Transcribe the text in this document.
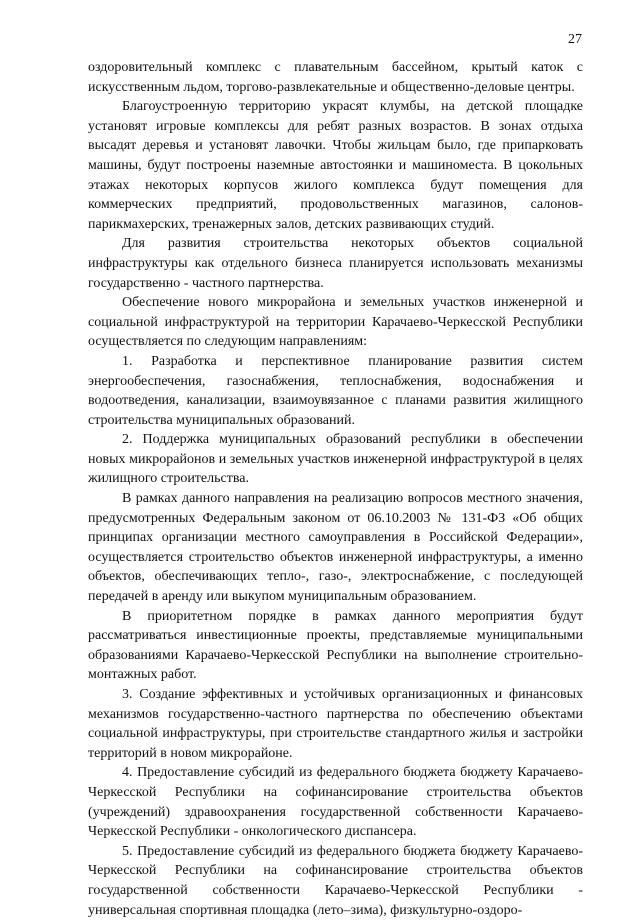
27

оздоровительный комплекс с плавательным бассейном, крытый каток с искусственным льдом, торгово-развлекательные и общественно-деловые центры.

Благоустроенную территорию украсят клумбы, на детской площадке установят игровые комплексы для ребят разных возрастов. В зонах отдыха высадят деревья и установят лавочки. Чтобы жильцам было, где припарковать машины, будут построены наземные автостоянки и машиноместа. В цокольных этажах некоторых корпусов жилого комплекса будут помещения для коммерческих предприятий, продовольственных магазинов, салонов-парикмахерских, тренажерных залов, детских развивающих студий.

Для развития строительства некоторых объектов социальной инфраструктуры как отдельного бизнеса планируется использовать механизмы государственно - частного партнерства.

Обеспечение нового микрорайона и земельных участков инженерной и социальной инфраструктурой на территории Карачаево-Черкесской Республики осуществляется по следующим направлениям:

1. Разработка и перспективное планирование развития систем энергообеспечения, газоснабжения, теплоснабжения, водоснабжения и водоотведения, канализации, взаимоувязанное с планами развития жилищного строительства муниципальных образований.

2. Поддержка муниципальных образований республики в обеспечении новых микрорайонов и земельных участков инженерной инфраструктурой в целях жилищного строительства.

В рамках данного направления на реализацию вопросов местного значения, предусмотренных Федеральным законом от 06.10.2003 № 131-ФЗ «Об общих принципах организации местного самоуправления в Российской Федерации», осуществляется строительство объектов инженерной инфраструктуры, а именно объектов, обеспечивающих тепло-, газо-, электроснабжение, с последующей передачей в аренду или выкупом муниципальным образованием.

В приоритетном порядке в рамках данного мероприятия будут рассматриваться инвестиционные проекты, представляемые муниципальными образованиями Карачаево-Черкесской Республики на выполнение строительно-монтажных работ.

3. Создание эффективных и устойчивых организационных и финансовых механизмов государственно-частного партнерства по обеспечению объектами социальной инфраструктуры, при строительстве стандартного жилья и застройки территорий в новом микрорайоне.

4. Предоставление субсидий из федерального бюджета бюджету Карачаево-Черкесской Республики на софинансирование строительства объектов (учреждений) здравоохранения государственной собственности Карачаево-Черкесской Республики - онкологического диспансера.

5. Предоставление субсидий из федерального бюджета бюджету Карачаево-Черкесской Республики на софинансирование строительства объектов государственной собственности Карачаево-Черкесской Республики - универсальная спортивная площадка (лето–зима), физкультурно-оздоро-
